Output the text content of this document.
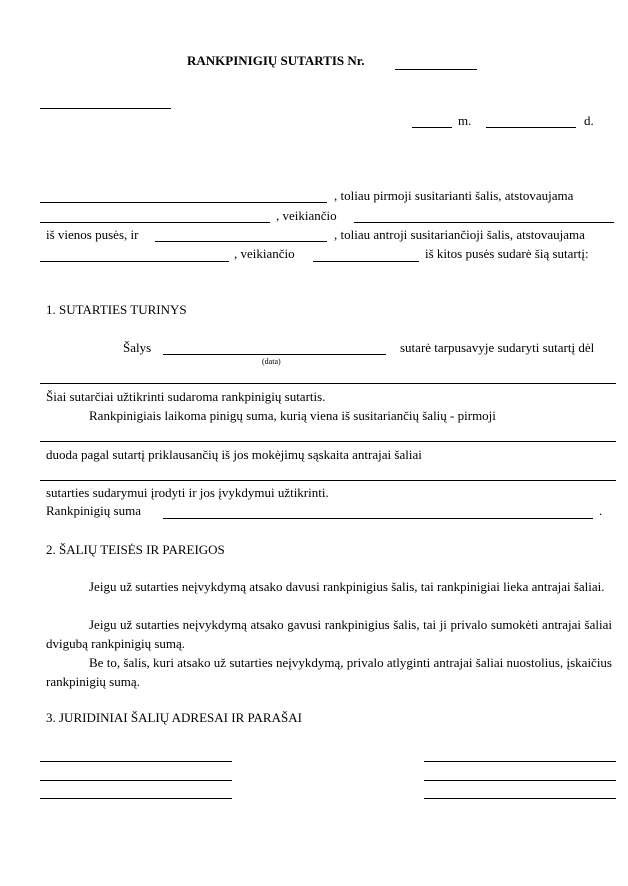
RANKPINIGIŲ SUTARTIS Nr.
m.	d.
, toliau pirmoji susitarianti šalis, atstovaujama
, veikiančio
iš vienos pusės, ir	, toliau antroji susitariančioji šalis, atstovaujama
, veikiančio	iš kitos pusės sudarė šią sutartį:
1. SUTARTIES TURINYS
Šalys
(data)
sutarė tarpusavyje sudaryti sutartį dėl
Šiai sutarčiai užtikrinti sudaroma rankpinigių sutartis.
Rankpinigiais laikoma pinigų suma, kurią viena iš susitariančių šalių - pirmoji
duoda pagal sutartį priklausančių iš jos mokėjimų sąskaita antrajai šaliai
sutarties sudarymui įrodyti ir jos įvykdymui užtikrinti.
Rankpinigių suma	.
2. ŠALIŲ TEISĖS IR PAREIGOS
Jeigu už sutarties neįvykdymą atsako davusi rankpinigius šalis, tai rankpinigiai lieka antrajai šaliai.
Jeigu už sutarties neįvykdymą atsako gavusi rankpinigius šalis, tai ji privalo sumokėti antrajai šaliai dvigubą rankpinigių sumą.
Be to, šalis, kuri atsako už sutarties neįvykdymą, privalo atlyginti antrajai šaliai nuostolius, įskaičius rankpinigių sumą.
3. JURIDINIAI ŠALIŲ ADRESAI IR PARAŠAI
